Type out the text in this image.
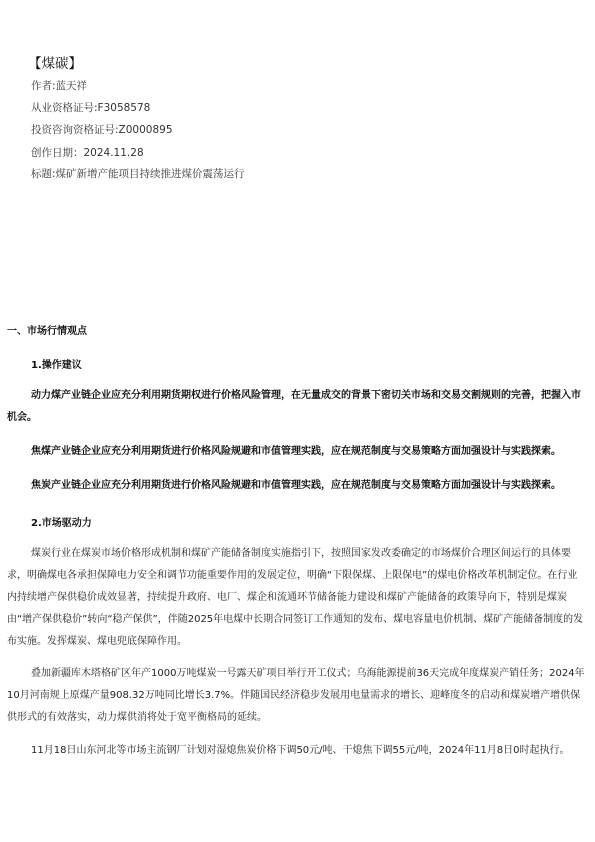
【煤碳】
作者:蓝天祥
从业资格证号:F3058578
投资咨询资格证号:Z0000895
创作日期：2024.11.28
标题:煤矿新增产能项目持续推进煤价震荡运行
一、市场行情观点
1.操作建议

动力煤产业链企业应充分利用期货期权进行价格风险管理，在无量成交的背景下密切关市场和交易交割规则的完善，把握入市机会。

焦煤产业链企业应充分利用期货进行价格风险规避和市值管理实践，应在规范制度与交易策略方面加强设计与实践探索。

焦炭产业链企业应充分利用期货进行价格风险规避和市值管理实践，应在规范制度与交易策略方面加强设计与实践探索。

2.市场驱动力

煤炭行业在煤炭市场价格形成机制和煤矿产能储备制度实施指引下，按照国家发改委确定的市场煤价合理区间运行的具体要求，明确煤电各承担保障电力安全和调节功能重要作用的发展定位，明确“下限保煤、上限保电”的煤电价格改革机制定位。在行业内持续增产保供稳价成效显著，持续提升政府、电厂、煤企和流通环节储备能力建设和煤矿产能储备的政策导向下，特别是煤炭由“增产保供稳价”转向“稳产保供”，伴随2025年电煤中长期合同签订工作通知的发布、煤电容量电价机制、煤矿产能储备制度的发布实施。发挥煤炭、煤电兜底保障作用。

叠加新疆库木塔格矿区年产1000万吨煤炭一号露天矿项目举行开工仪式；乌海能源提前36天完成年度煤炭产销任务；2024年10月河南规上原煤产量908.32万吨同比增长3.7%。伴随国民经济稳步发展用电量需求的增长、迎峰度冬的启动和煤炭增产增供保供形式的有效落实，动力煤供消将处于宽平衡格局的延续。

11月18日山东河北等市场主流钢厂计划对湿熄焦炭价格下调50元/吨、干熄焦下调55元/吨，2024年11月8日0时起执行。
